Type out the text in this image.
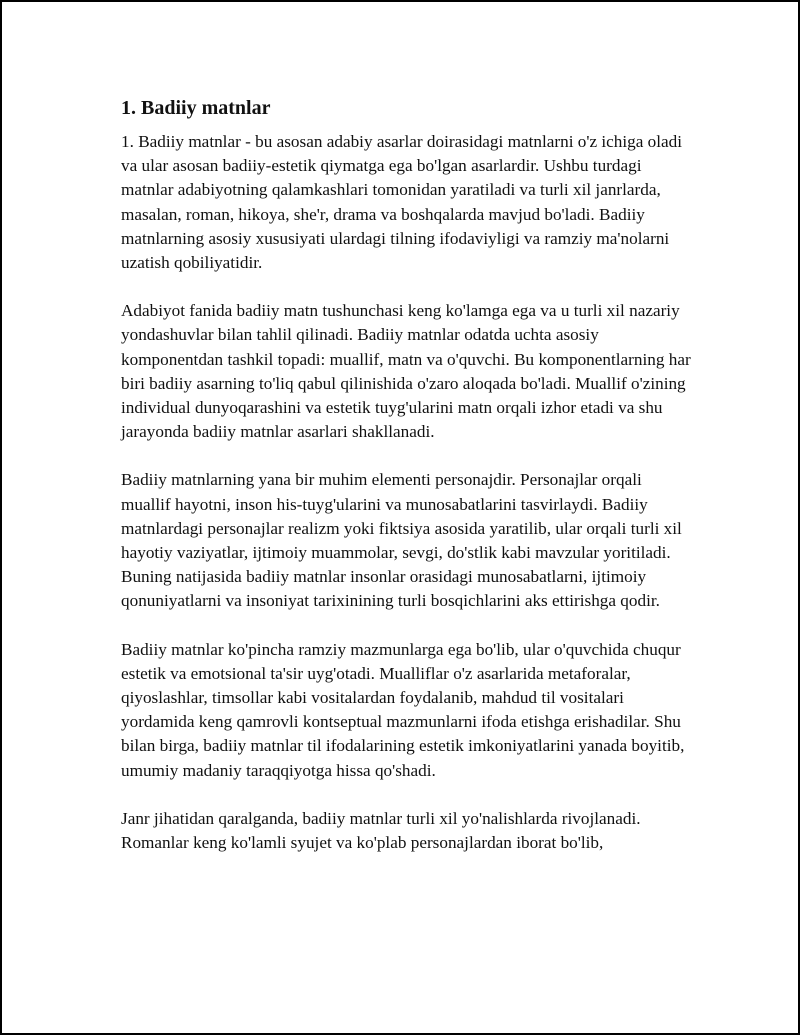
1. Badiiy matnlar

1. Badiiy matnlar - bu asosan adabiy asarlar doirasidagi matnlarni o'z ichiga oladi va ular asosan badiiy-estetik qiymatga ega bo'lgan asarlardir. Ushbu turdagi matnlar adabiyotning qalamkashlari tomonidan yaratiladi va turli xil janrlarda, masalan, roman, hikoya, she'r, drama va boshqalarda mavjud bo'ladi. Badiiy matnlarning asosiy xususiyati ulardagi tilning ifodaviyligi va ramziy ma'nolarni uzatish qobiliyatidir.

Adabiyot fanida badiiy matn tushunchasi keng ko'lamga ega va u turli xil nazariy yondashuvlar bilan tahlil qilinadi. Badiiy matnlar odatda uchta asosiy komponentdan tashkil topadi: muallif, matn va o'quvchi. Bu komponentlarning har biri badiiy asarning to'liq qabul qilinishida o'zaro aloqada bo'ladi. Muallif o'zining individual dunyoqarashini va estetik tuyg'ularini matn orqali izhor etadi va shu jarayonda badiiy matnlar asarlari shakllanadi.

Badiiy matnlarning yana bir muhim elementi personajdir. Personajlar orqali muallif hayotni, inson his-tuyg'ularini va munosabatlarini tasvirlaydi. Badiiy matnlardagi personajlar realizm yoki fiktsiya asosida yaratilib, ular orqali turli xil hayotiy vaziyatlar, ijtimoiy muammolar, sevgi, do'stlik kabi mavzular yoritiladi. Buning natijasida badiiy matnlar insonlar orasidagi munosabatlarni, ijtimoiy qonuniyatlarni va insoniyat tarixinining turli bosqichlarini aks ettirishga qodir.

Badiiy matnlar ko'pincha ramziy mazmunlarga ega bo'lib, ular o'quvchida chuqur estetik va emotsional ta'sir uyg'otadi. Mualliflar o'z asarlarida metaforalar, qiyoslashlar, timsollar kabi vositalardan foydalanib, mahdud til vositalari yordamida keng qamrovli kontseptual mazmunlarni ifoda etishga erishadilar. Shu bilan birga, badiiy matnlar til ifodalarining estetik imkoniyatlarini yanada boyitib, umumiy madaniy taraqqiyotga hissa qo'shadi.

Janr jihatidan qaralganda, badiiy matnlar turli xil yo'nalishlarda rivojlanadi. Romanlar keng ko'lamli syujet va ko'plab personajlardan iborat bo'lib,
